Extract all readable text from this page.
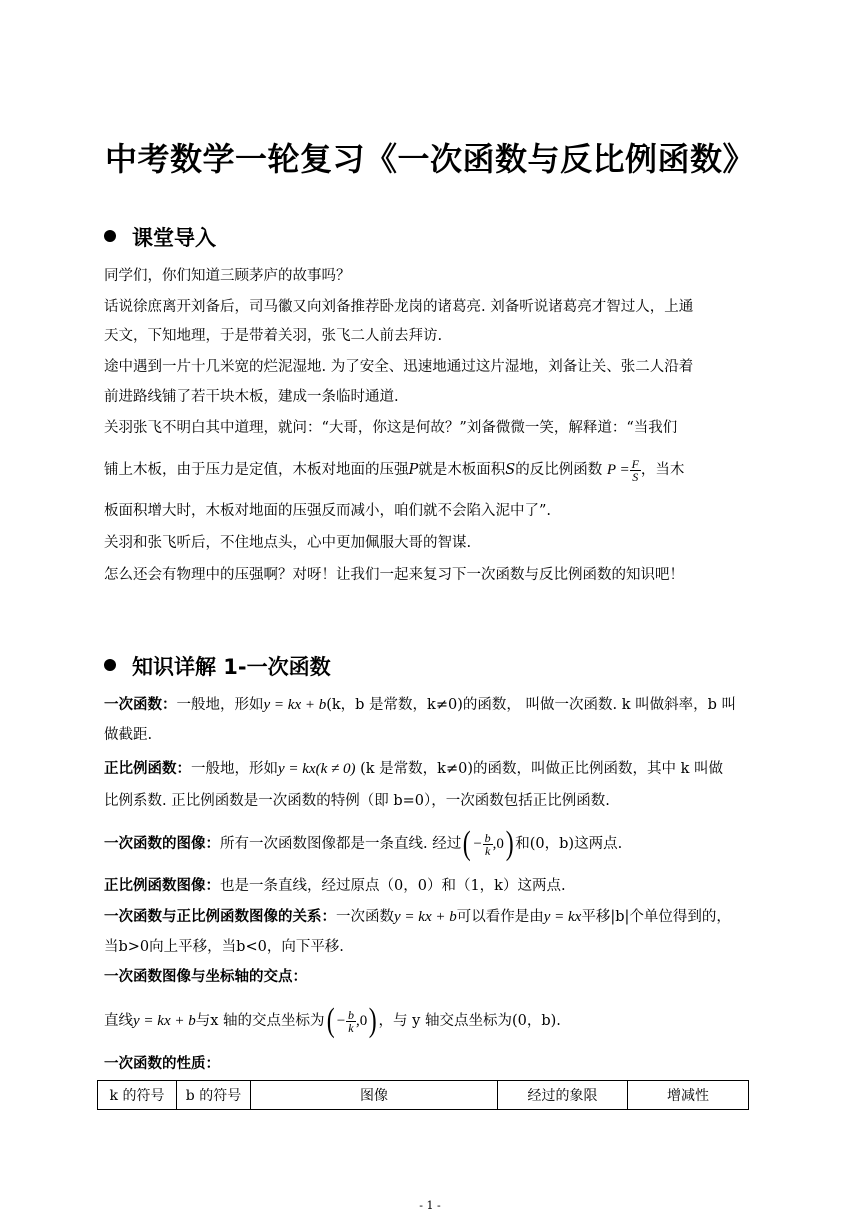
中考数学一轮复习《一次函数与反比例函数》
课堂导入
同学们，你们知道三顾茅庐的故事吗？
话说徐庶离开刘备后，司马徽又向刘备推荐卧龙岗的诸葛亮. 刘备听说诸葛亮才智过人，上通
天文，下知地理，于是带着关羽，张飞二人前去拜访.
途中遇到一片十几米宽的烂泥湿地. 为了安全、迅速地通过这片湿地，刘备让关、张二人沿着
前进路线铺了若干块木板，建成一条临时通道.
关羽张飞不明白其中道理，就问：“大哥，你这是何故？”刘备微微一笑，解释道：“当我们
铺上木板，由于压力是定值，木板对地面的压强P就是木板面积S的反比例函数 $P = \frac{F}{S}$ ，当木
板面积增大时，木板对地面的压强反而减小，咱们就不会陷入泥中了”.
关羽和张飞听后，不住地点头，心中更加佩服大哥的智谋.
怎么还会有物理中的压强啊？对呀！让我们一起来复习下一次函数与反比例函数的知识吧！
知识详解 1-一次函数
一次函数：一般地，形如y = kx + b(k，b 是常数，k≠0)的函数， 叫做一次函数. k 叫做斜率，b 叫
做截距.
正比例函数：一般地，形如y = kx(k ≠ 0) (k 是常数，k≠0)的函数，叫做正比例函数，其中 k 叫做
比例系数. 正比例函数是一次函数的特例（即 b=0），一次函数包括正比例函数.
一次函数的图像：所有一次函数图像都是一条直线. 经过 ( − $\frac{b}{k} ,0$ ) 和(0，b)这两点.
正比例函数图像：也是一条直线，经过原点（0，0）和（1，k）这两点.
一次函数与正比例函数图像的关系：一次函数y = kx + b可以看作是由y = kx平移|b|个单位得到的，
当b>0向上平移，当b<0，向下平移.
一次函数图像与坐标轴的交点：
直线y = kx + b与x 轴的交点坐标为 ( − $\frac{b}{k} ,0$ ) ，与 y 轴交点坐标为(0，b).
一次函数的性质：
k 的符号	b 的符号	图像	经过的象限	增减性
- 1 -
